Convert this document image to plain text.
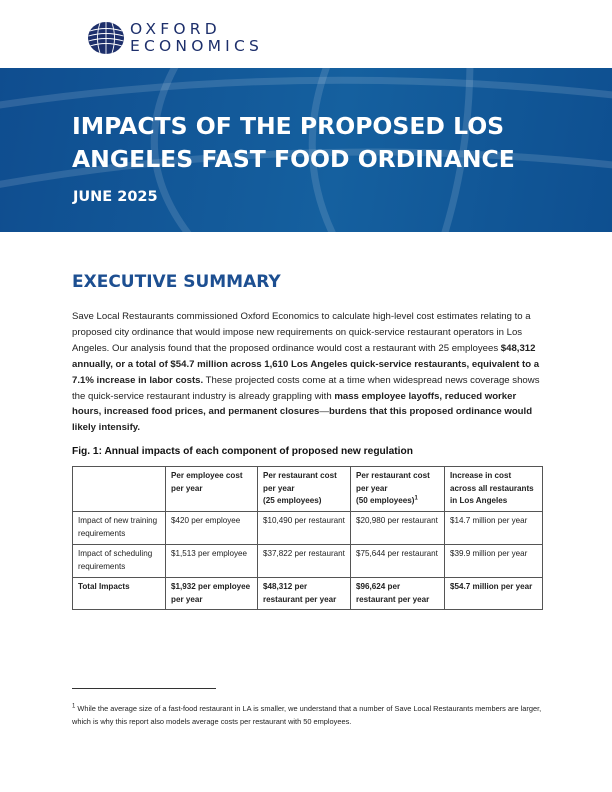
OXFORD
ECONOMICS
IMPACTS OF THE PROPOSED LOS
ANGELES FAST FOOD ORDINANCE
JUNE 2025
EXECUTIVE SUMMARY

Save Local Restaurants commissioned Oxford Economics to calculate high-level cost estimates relating to a proposed city ordinance that would impose new requirements on quick-service restaurant operators in Los Angeles. Our analysis found that the proposed ordinance would cost a restaurant with 25 employees $48,312 annually, or a total of $54.7 million across 1,610 Los Angeles quick-service restaurants, equivalent to a 7.1% increase in labor costs. These projected costs come at a time when widespread news coverage shows the quick-service restaurant industry is already grappling with mass employee layoffs, reduced worker hours, increased food prices, and permanent closures—burdens that this proposed ordinance would likely intensify.

Fig. 1: Annual impacts of each component of proposed new regulation

	Per employee cost
per year	Per restaurant cost
per year
(25 employees)	Per restaurant cost
per year
(50 employees)$^1$	Increase in cost
across all restaurants
in Los Angeles
Impact of new training requirements	$420 per employee	$10,490 per restaurant	$20,980 per restaurant	$14.7 million per year
Impact of scheduling requirements	$1,513 per employee	$37,822 per restaurant	$75,644 per restaurant	$39.9 million per year
Total Impacts	$1,932 per employee per year	$48,312 per restaurant per year	$96,624 per restaurant per year	$54.7 million per year

$^1$ While the average size of a fast-food restaurant in LA is smaller, we understand that a number of Save Local Restaurants members are larger, which is why this report also models average costs per restaurant with 50 employees.
